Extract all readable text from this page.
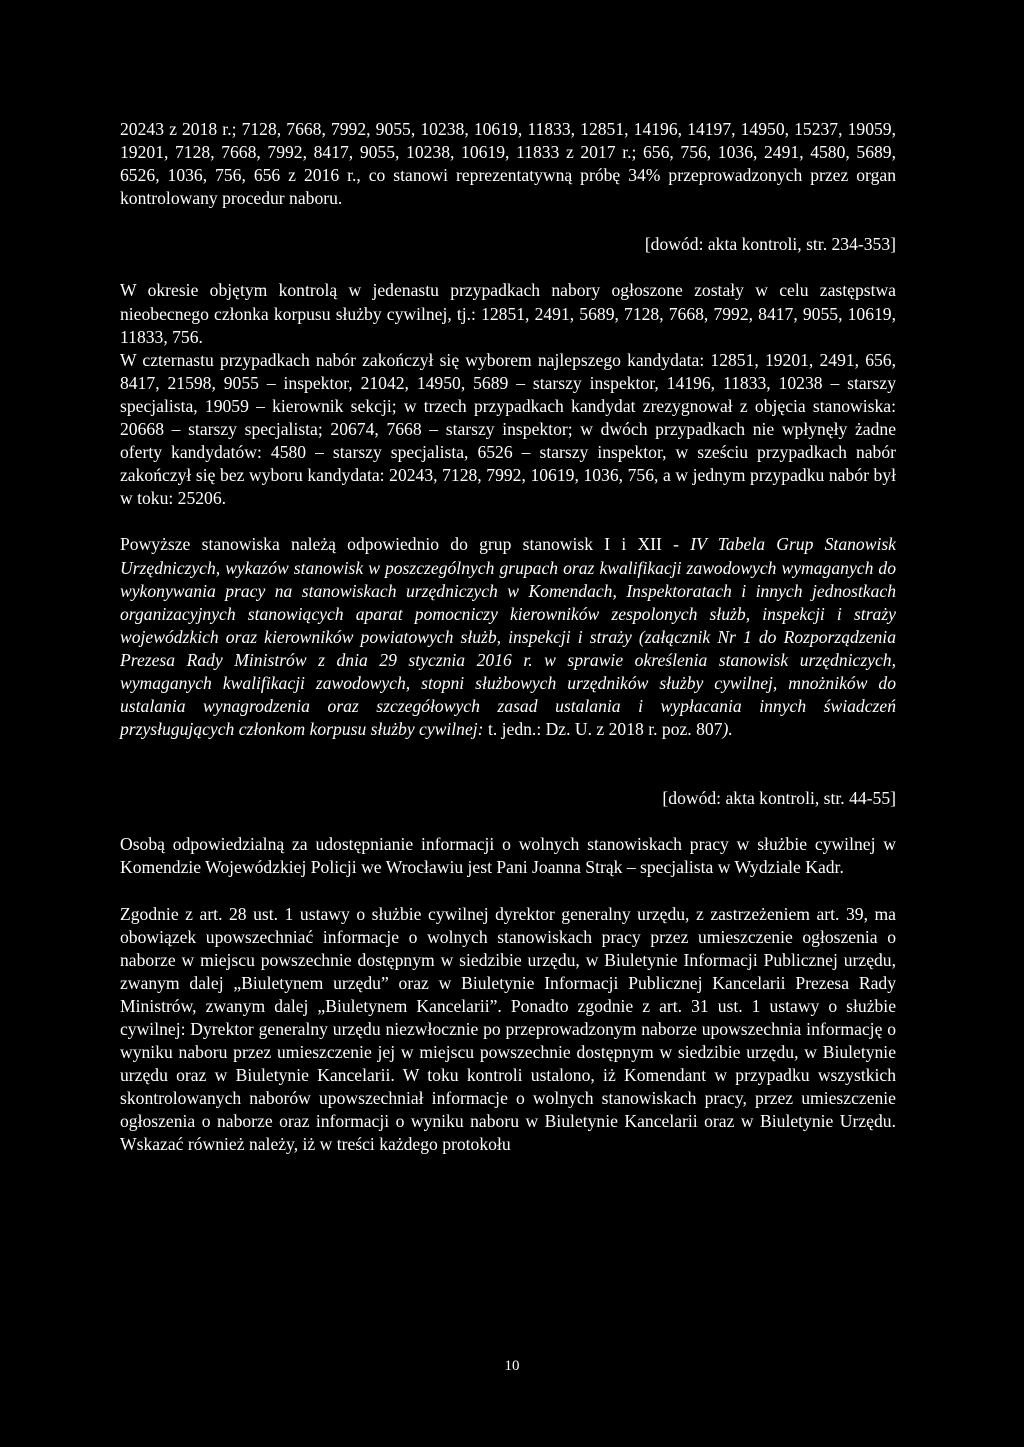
20243 z 2018 r.; 7128, 7668, 7992, 9055, 10238, 10619, 11833, 12851, 14196, 14197, 14950, 15237, 19059, 19201, 7128, 7668, 7992, 8417, 9055, 10238, 10619, 11833 z 2017 r.; 656, 756, 1036, 2491, 4580, 5689, 6526, 1036, 756, 656 z 2016 r., co stanowi reprezentatywną próbę 34% przeprowadzonych przez organ kontrolowany procedur naboru.

[dowód: akta kontroli, str. 234-353]

W okresie objętym kontrolą w jedenastu przypadkach nabory ogłoszone zostały w celu zastępstwa nieobecnego członka korpusu służby cywilnej, tj.: 12851, 2491, 5689, 7128, 7668, 7992, 8417, 9055, 10619, 11833, 756.

W czternastu przypadkach nabór zakończył się wyborem najlepszego kandydata: 12851, 19201, 2491, 656, 8417, 21598, 9055 – inspektor, 21042, 14950, 5689 – starszy inspektor, 14196, 11833, 10238 – starszy specjalista, 19059 – kierownik sekcji; w trzech przypadkach kandydat zrezygnował z objęcia stanowiska: 20668 – starszy specjalista; 20674, 7668 – starszy inspektor; w dwóch przypadkach nie wpłynęły żadne oferty kandydatów: 4580 – starszy specjalista, 6526 – starszy inspektor, w sześciu przypadkach nabór zakończył się bez wyboru kandydata: 20243, 7128, 7992, 10619, 1036, 756, a w jednym przypadku nabór był w toku: 25206.

Powyższe stanowiska należą odpowiednio do grup stanowisk I i XII - IV Tabela Grup Stanowisk Urzędniczych, wykazów stanowisk w poszczególnych grupach oraz kwalifikacji zawodowych wymaganych do wykonywania pracy na stanowiskach urzędniczych w Komendach, Inspektoratach i innych jednostkach organizacyjnych stanowiących aparat pomocniczy kierowników zespolonych służb, inspekcji i straży wojewódzkich oraz kierowników powiatowych służb, inspekcji i straży (załącznik Nr 1 do Rozporządzenia Prezesa Rady Ministrów z dnia 29 stycznia 2016 r. w sprawie określenia stanowisk urzędniczych, wymaganych kwalifikacji zawodowych, stopni służbowych urzędników służby cywilnej, mnożników do ustalania wynagrodzenia oraz szczegółowych zasad ustalania i wypłacania innych świadczeń przysługujących członkom korpusu służby cywilnej: t. jedn.: Dz. U. z 2018 r. poz. 807).

[dowód: akta kontroli, str. 44-55]

Osobą odpowiedzialną za udostępnianie informacji o wolnych stanowiskach pracy w służbie cywilnej w Komendzie Wojewódzkiej Policji we Wrocławiu jest Pani Joanna Strąk – specjalista w Wydziale Kadr.

Zgodnie z art. 28 ust. 1 ustawy o służbie cywilnej dyrektor generalny urzędu, z zastrzeżeniem art. 39, ma obowiązek upowszechniać informacje o wolnych stanowiskach pracy przez umieszczenie ogłoszenia o naborze w miejscu powszechnie dostępnym w siedzibie urzędu, w Biuletynie Informacji Publicznej urzędu, zwanym dalej „Biuletynem urzędu” oraz w Biuletynie Informacji Publicznej Kancelarii Prezesa Rady Ministrów, zwanym dalej „Biuletynem Kancelarii”. Ponadto zgodnie z art. 31 ust. 1 ustawy o służbie cywilnej: Dyrektor generalny urzędu niezwłocznie po przeprowadzonym naborze upowszechnia informację o wyniku naboru przez umieszczenie jej w miejscu powszechnie dostępnym w siedzibie urzędu, w Biuletynie urzędu oraz w Biuletynie Kancelarii. W toku kontroli ustalono, iż Komendant w przypadku wszystkich skontrolowanych naborów upowszechniał informacje o wolnych stanowiskach pracy, przez umieszczenie ogłoszenia o naborze oraz informacji o wyniku naboru w Biuletynie Kancelarii oraz w Biuletynie Urzędu. Wskazać również należy, iż w treści każdego protokołu

10
